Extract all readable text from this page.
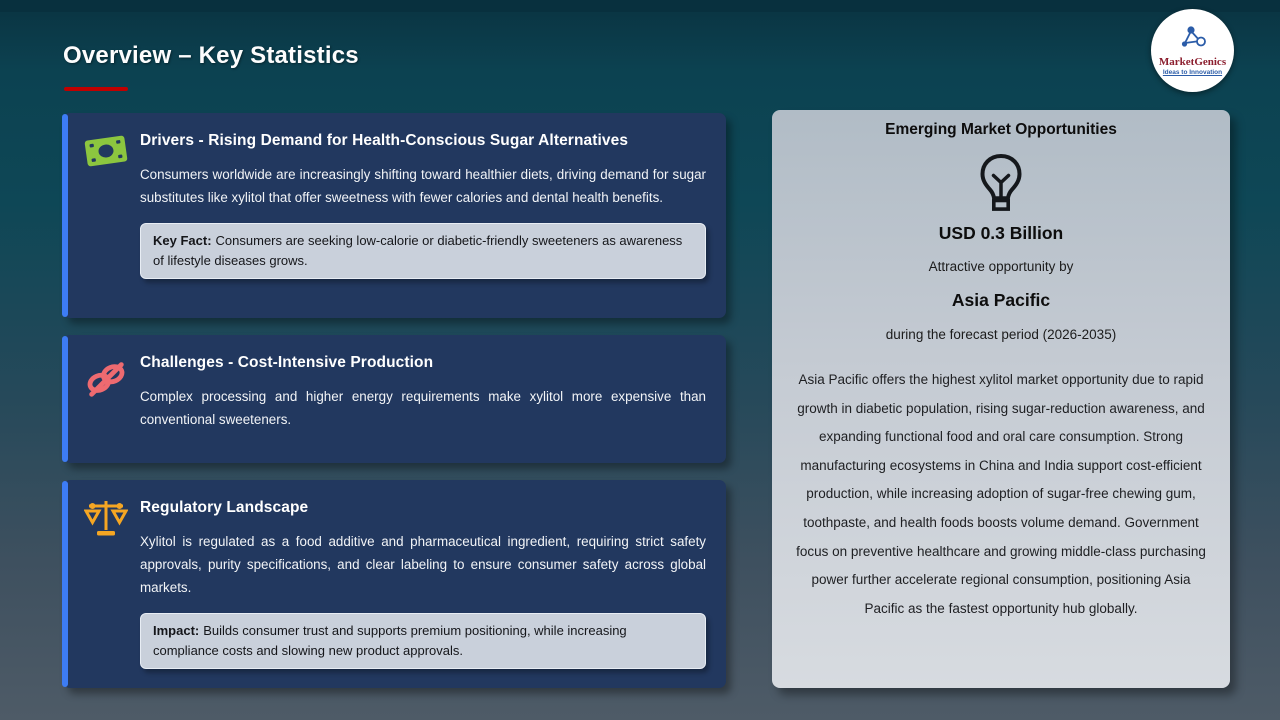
Overview – Key Statistics	MarketGenics
Ideas to Innovation
Drivers - Rising Demand for Health-Conscious Sugar Alternatives

Consumers worldwide are increasingly shifting toward healthier diets, driving demand for sugar substitutes like xylitol that offer sweetness with fewer calories and dental health benefits.

Key Fact: Consumers are seeking low-calorie or diabetic-friendly sweeteners as awareness of lifestyle diseases grows.
Challenges - Cost-Intensive Production

Complex processing and higher energy requirements make xylitol more expensive than conventional sweeteners.

Regulatory Landscape

Xylitol is regulated as a food additive and pharmaceutical ingredient, requiring strict safety approvals, purity specifications, and clear labeling to ensure consumer safety across global markets.

Impact: Builds consumer trust and supports premium positioning, while increasing compliance costs and slowing new product approvals.
Emerging Market Opportunities
USD 0.3 Billion
Attractive opportunity by
Asia Pacific
during the forecast period (2026-2035)
Asia Pacific offers the highest xylitol market opportunity due to rapid growth in diabetic population, rising sugar-reduction awareness, and expanding functional food and oral care consumption. Strong manufacturing ecosystems in China and India support cost-efficient production, while increasing adoption of sugar-free chewing gum, toothpaste, and health foods boosts volume demand. Government focus on preventive healthcare and growing middle-class purchasing power further accelerate regional consumption, positioning Asia Pacific as the fastest opportunity hub globally.
